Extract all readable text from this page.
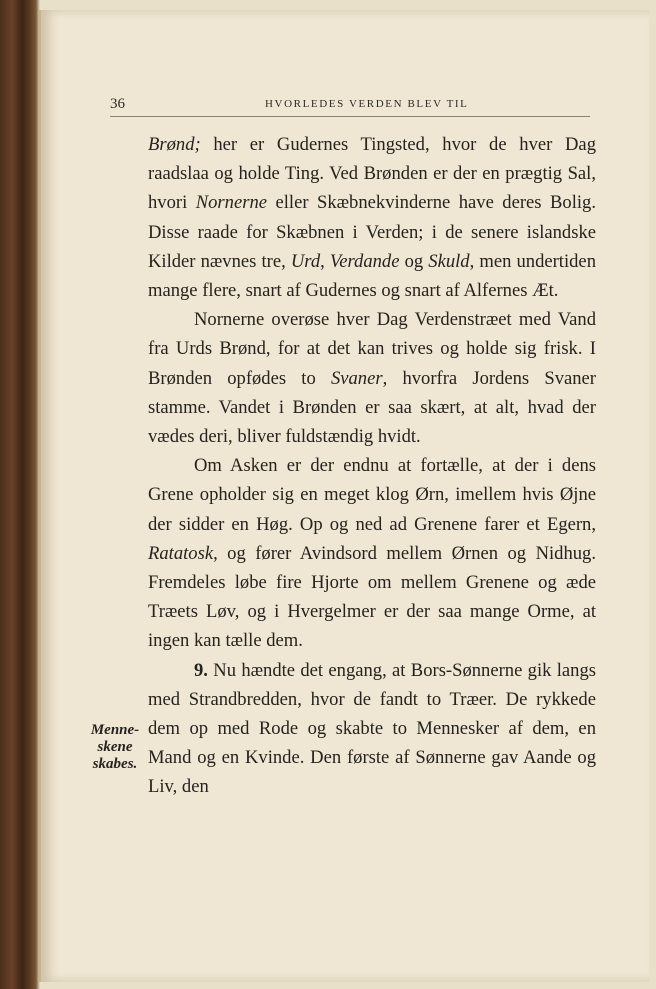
36	HVORLEDES VERDEN BLEV TIL
Menne-
skene
skabes.

Brønd; her er Gudernes Tingsted, hvor de hver Dag raadslaa og holde Ting. Ved Brønden er der en prægtig Sal, hvori Nornerne eller Skæbnekvinderne have deres Bolig. Disse raade for Skæbnen i Verden; i de senere islandske Kilder nævnes tre, Urd, Verdande og Skuld, men undertiden mange flere, snart af Gudernes og snart af Alfernes Æt.

Nornerne overøse hver Dag Verdenstræet med Vand fra Urds Brønd, for at det kan trives og holde sig frisk. I Brønden opfødes to Svaner, hvorfra Jordens Svaner stamme. Vandet i Brønden er saa skært, at alt, hvad der vædes deri, bliver fuldstændig hvidt.

Om Asken er der endnu at fortælle, at der i dens Grene opholder sig en meget klog Ørn, imellem hvis Øjne der sidder en Høg. Op og ned ad Grenene farer et Egern, Ratatosk, og fører Avindsord mellem Ørnen og Nidhug. Fremdeles løbe fire Hjorte om mellem Grenene og æde Træets Løv, og i Hvergelmer er der saa mange Orme, at ingen kan tælle dem.

9. Nu hændte det engang, at Bors-Sønnerne gik langs med Strandbredden, hvor de fandt to Træer. De rykkede dem op med Rode og skabte to Mennesker af dem, en Mand og en Kvinde. Den første af Sønnerne gav Aande og Liv, den
